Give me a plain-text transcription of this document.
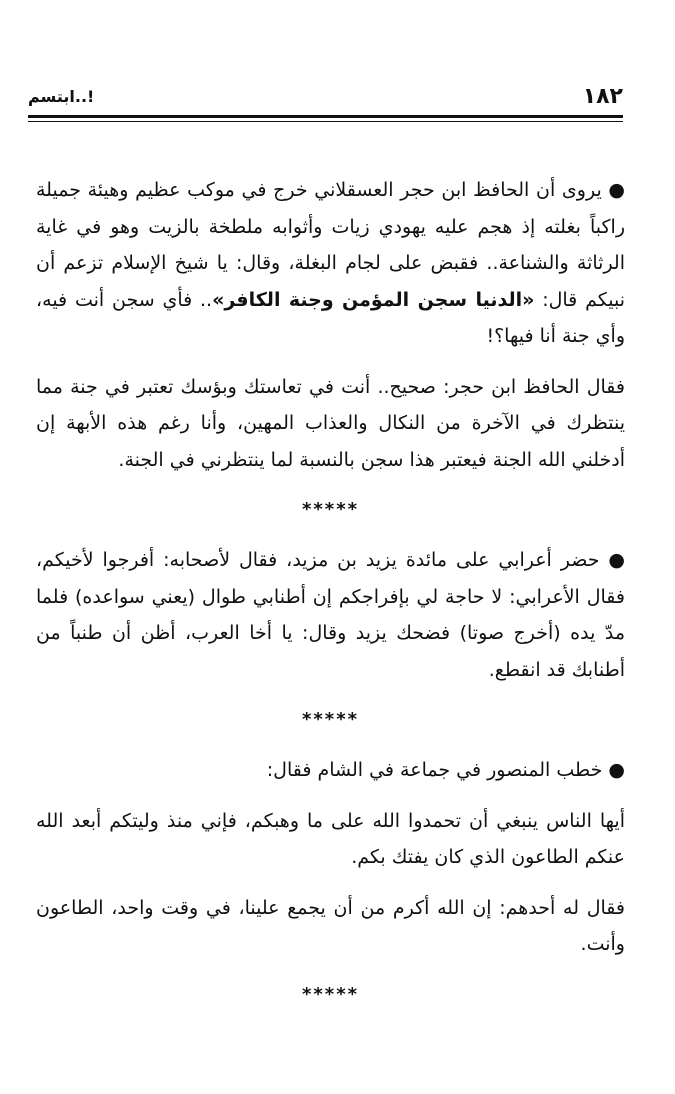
١٨٢
ابتسم..!

● يروى أن الحافظ ابن حجر العسقلاني خرج في موكب عظيم وهيئة جميلة راكباً بغلته إذ هجم عليه يهودي زيات وأثوابه ملطخة بالزيت وهو في غاية الرثاثة والشناعة.. فقبض على لجام البغلة، وقال: يا شيخ الإسلام تزعم أن نبيكم قال: «الدنيا سجن المؤمن وجنة الكافر».. فأي سجن أنت فيه، وأي جنة أنا فيها؟!

فقال الحافظ ابن حجر: صحيح.. أنت في تعاستك وبؤسك تعتبر في جنة مما ينتظرك في الآخرة من النكال والعذاب المهين، وأنا رغم هذه الأبهة إن أدخلني الله الجنة فيعتبر هذا سجن بالنسبة لما ينتظرني في الجنة.

*****

● حضر أعرابي على مائدة يزيد بن مزيد، فقال لأصحابه: أفرجوا لأخيكم، فقال الأعرابي: لا حاجة لي بإفراجكم إن أطنابي طوال (يعني سواعده) فلما مدّ يده (أخرج صوتا) فضحك يزيد وقال: يا أخا العرب، أظن أن طنباً من أطنابك قد انقطع.

*****

● خطب المنصور في جماعة في الشام فقال:

أيها الناس ينبغي أن تحمدوا الله على ما وهبكم، فإني منذ وليتكم أبعد الله عنكم الطاعون الذي كان يفتك بكم.

فقال له أحدهم: إن الله أكرم من أن يجمع علينا، في وقت واحد، الطاعون وأنت.

*****
